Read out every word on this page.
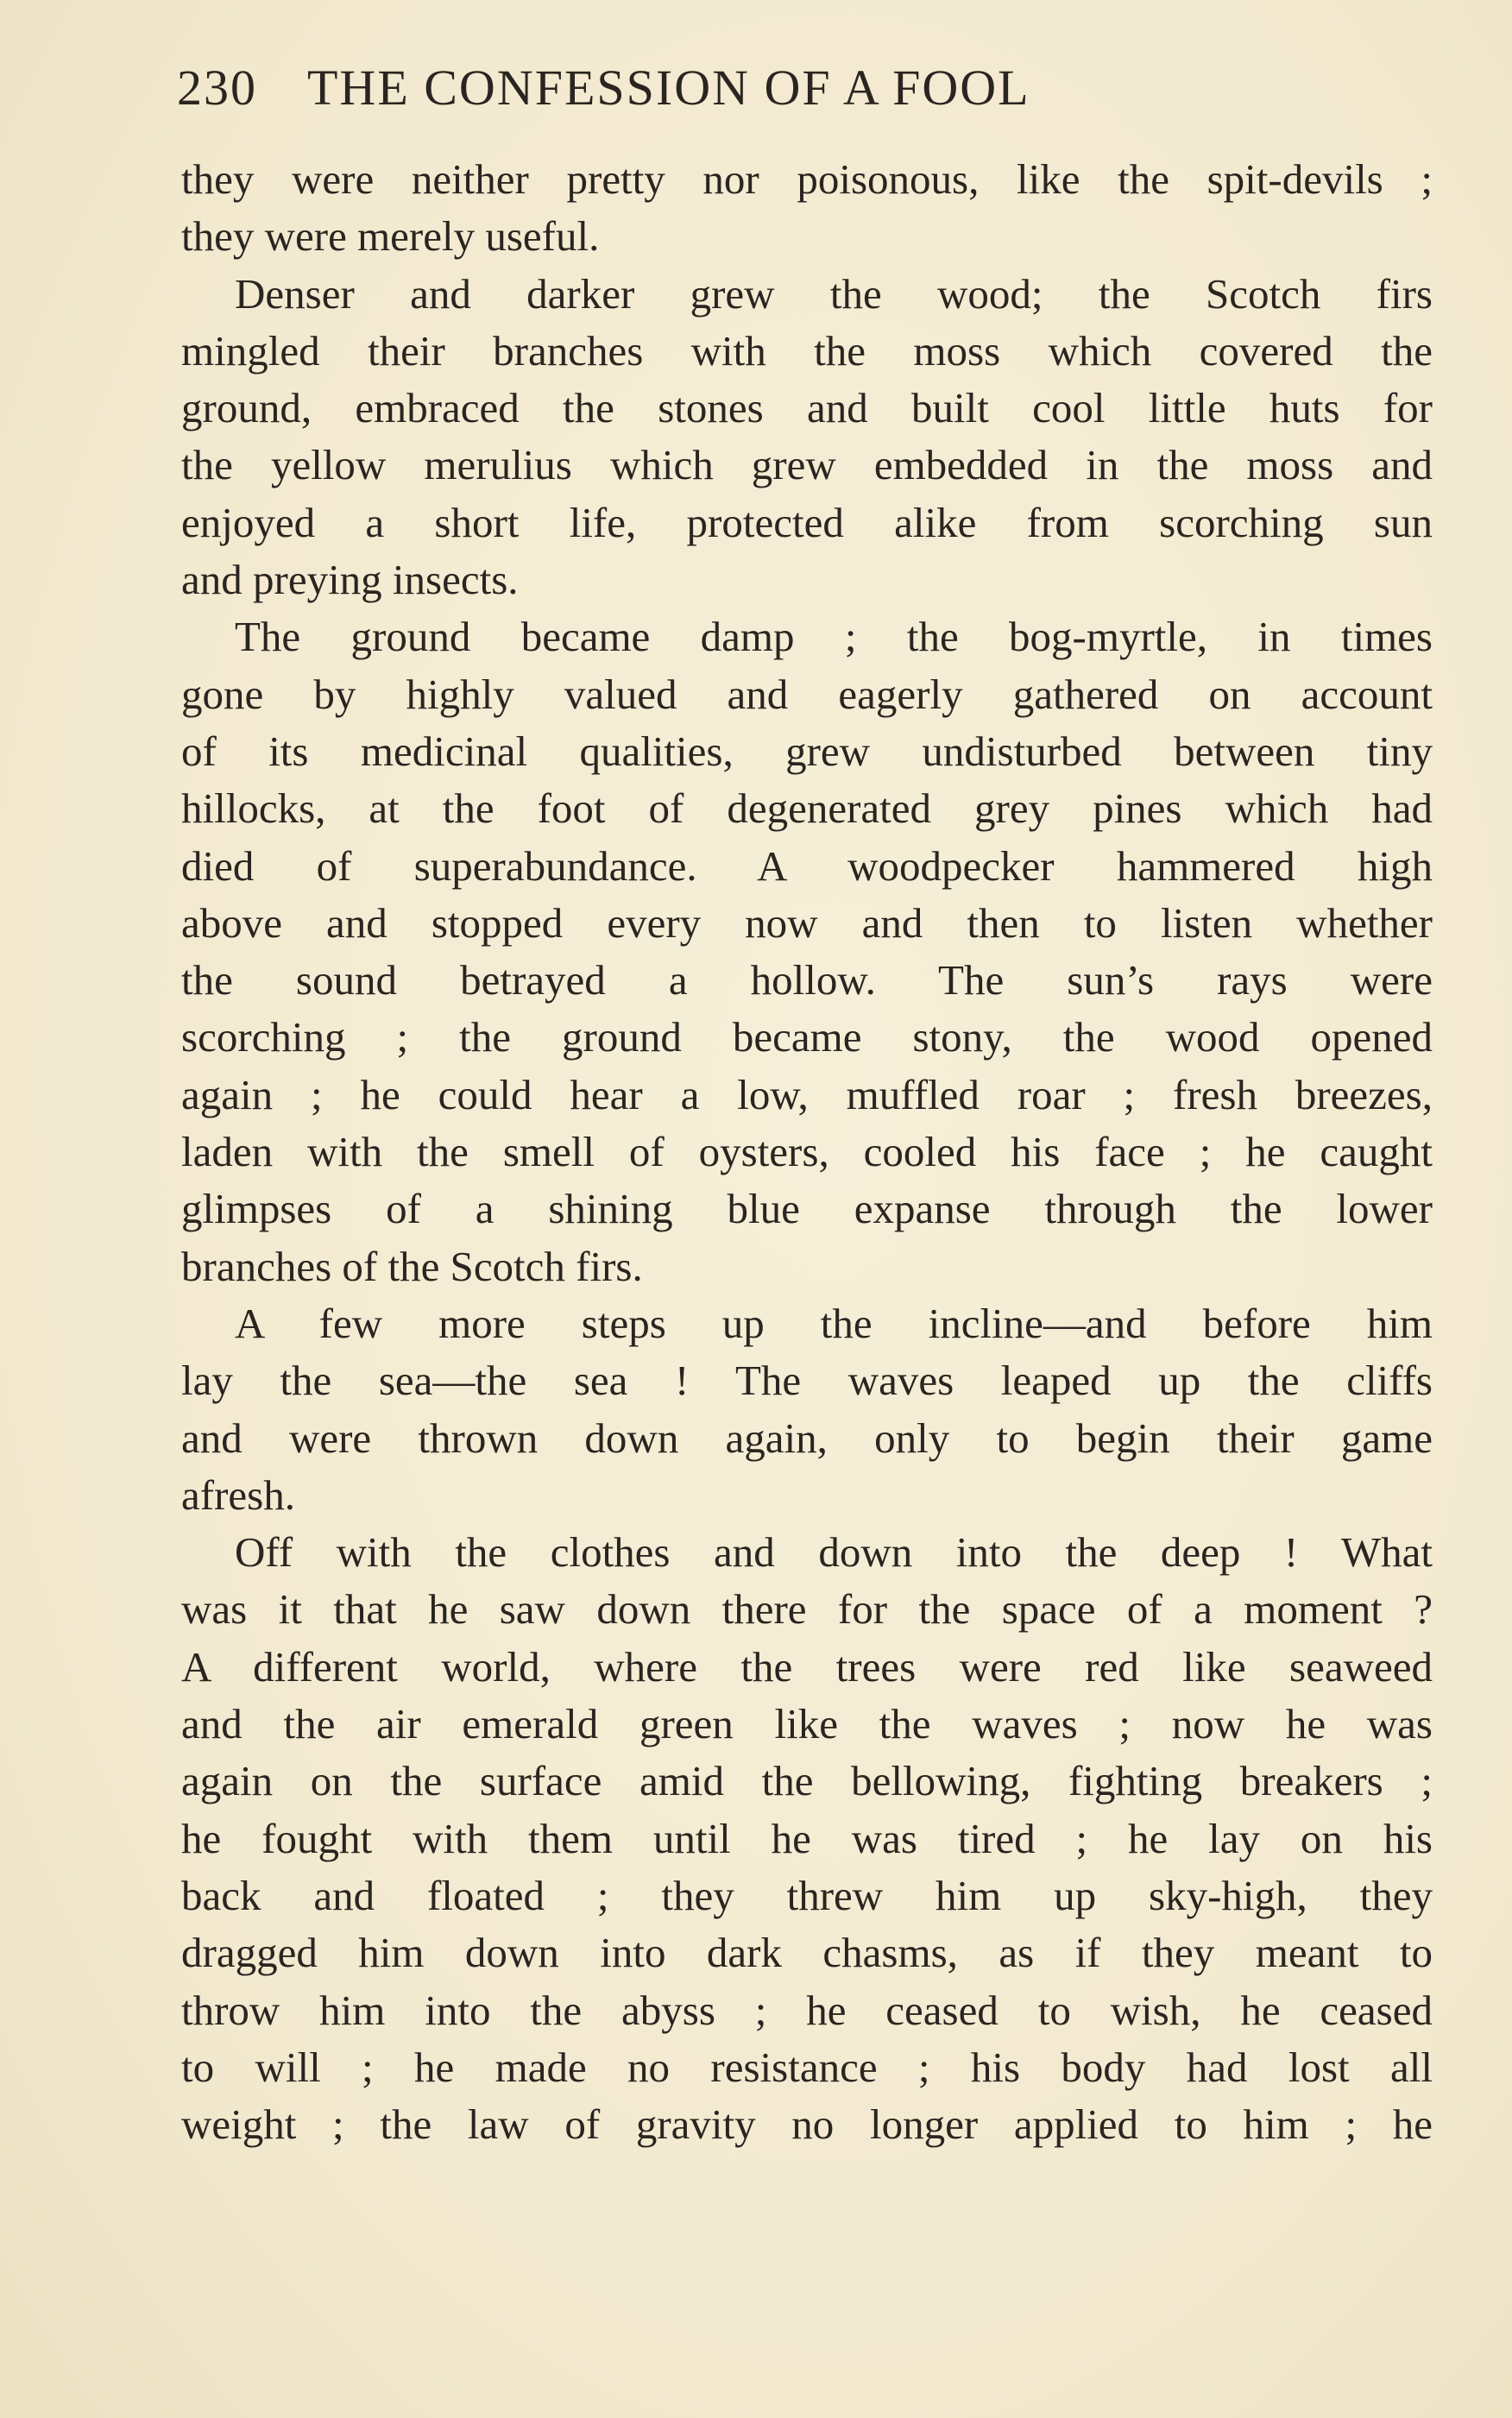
230 THE CONFESSION OF A FOOL
they were neither pretty nor poisonous, like the spit-devils ;
they were merely useful.
Denser and darker grew the wood; the Scotch firs
mingled their branches with the moss which covered the
ground, embraced the stones and built cool little huts for
the yellow merulius which grew embedded in the moss and
enjoyed a short life, protected alike from scorching sun
and preying insects.
The ground became damp ; the bog-myrtle, in times
gone by highly valued and eagerly gathered on account
of its medicinal qualities, grew undisturbed between tiny
hillocks, at the foot of degenerated grey pines which had
died of superabundance. A woodpecker hammered high
above and stopped every now and then to listen whether
the sound betrayed a hollow. The sun’s rays were
scorching ; the ground became stony, the wood opened
again ; he could hear a low, muffled roar ; fresh breezes,
laden with the smell of oysters, cooled his face ; he caught
glimpses of a shining blue expanse through the lower
branches of the Scotch firs.
A few more steps up the incline—and before him
lay the sea—the sea ! The waves leaped up the cliffs
and were thrown down again, only to begin their game
afresh.
Off with the clothes and down into the deep ! What
was it that he saw down there for the space of a moment ?
A different world, where the trees were red like seaweed
and the air emerald green like the waves ; now he was
again on the surface amid the bellowing, fighting breakers ;
he fought with them until he was tired ; he lay on his
back and floated ; they threw him up sky-high, they
dragged him down into dark chasms, as if they meant to
throw him into the abyss ; he ceased to wish, he ceased
to will ; he made no resistance ; his body had lost all
weight ; the law of gravity no longer applied to him ; he
